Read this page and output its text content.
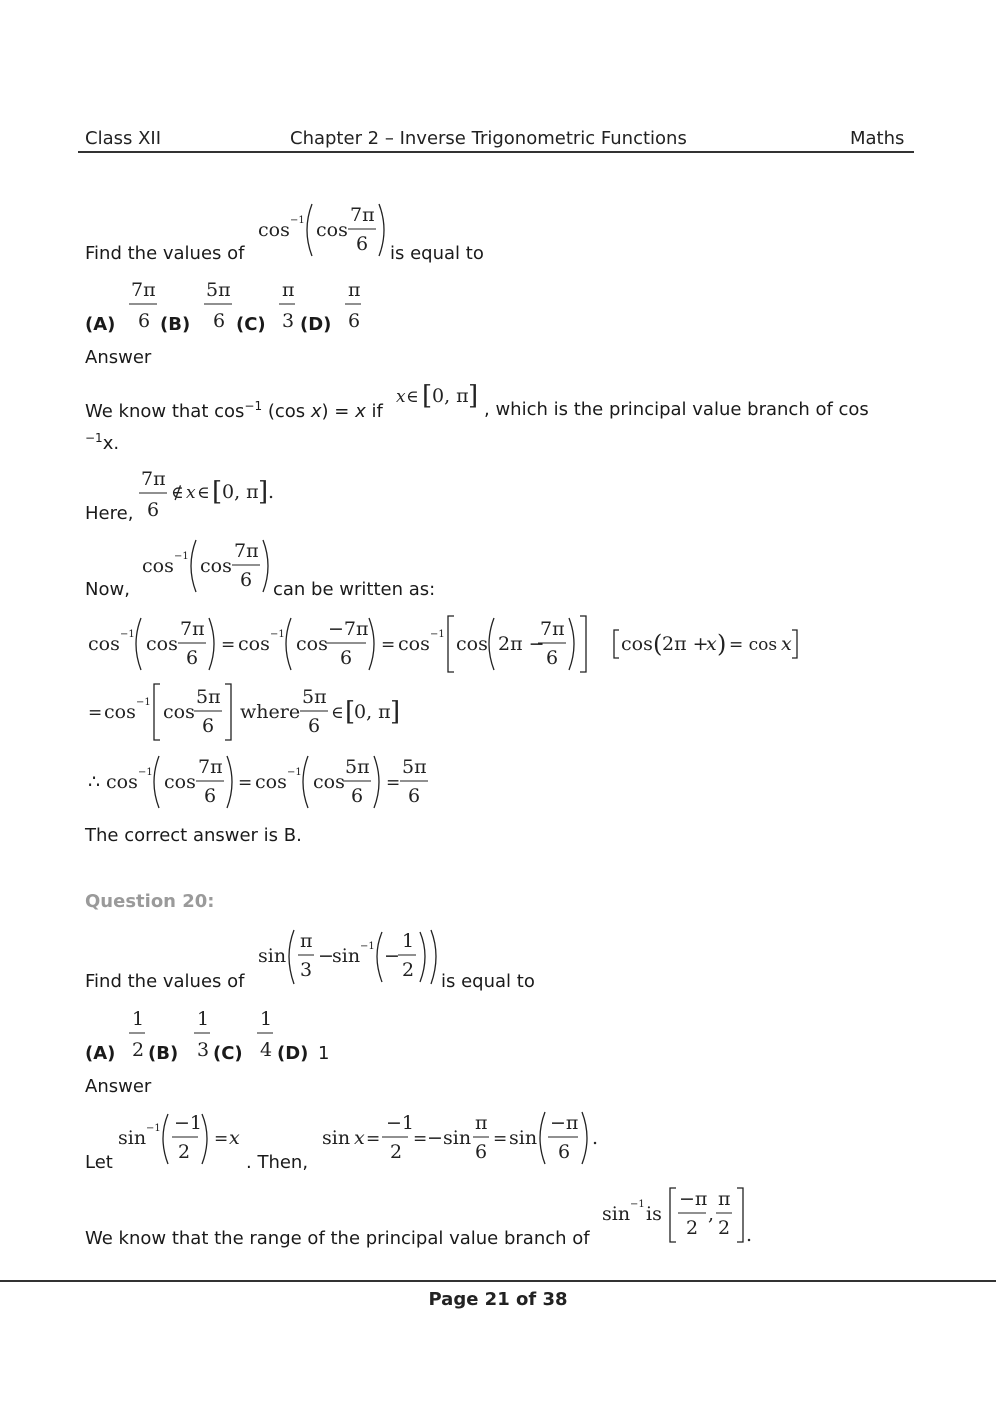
Class XII	Chapter 2 – Inverse Trigonometric Functions	Maths
Find the values of
cos −1 cos
7π
6 is equal to
(A)
7π
6 (B)
5π
6 (C)
π
3 (D)
π
6
Answer
We know that $\cos^{-1} (\cos$ x) = x if
x ∈ [ 0, π ] , which is the principal value branch of cos
$^{-1}$x.
Here,
7π
6
∉ x ∈ [ 0, π ] .
Now,
cos −1 cos
7π
6 can be written as:
cos −1 cos
7π
6
= cos −1 cos
−7π
6
= cos −1 cos 2π −
7π
6
cos ( 2π +
x ) = cos x
= cos −1 cos
5π
6
where
5π
6
∈ [
0, π ]
∴ cos −1 cos
7π
6
= cos −1 cos
5π
6
=
5π
6
The correct answer is B.
Question 20:
Find the values of
sin
π
3
−
sin −1 −
1
2
is equal to
(A)
1
2 (B)
1
3 (C)
1
4 (D) 1
Answer
Let
sin −1 −1
2
= x
. Then,
sin x =
−1
2
= − sin
π
6
= sin
−π
6
.
We know that the range of the principal value branch of
sin −1 is
−π
2
,
π
2 .
Page 21 of 38
